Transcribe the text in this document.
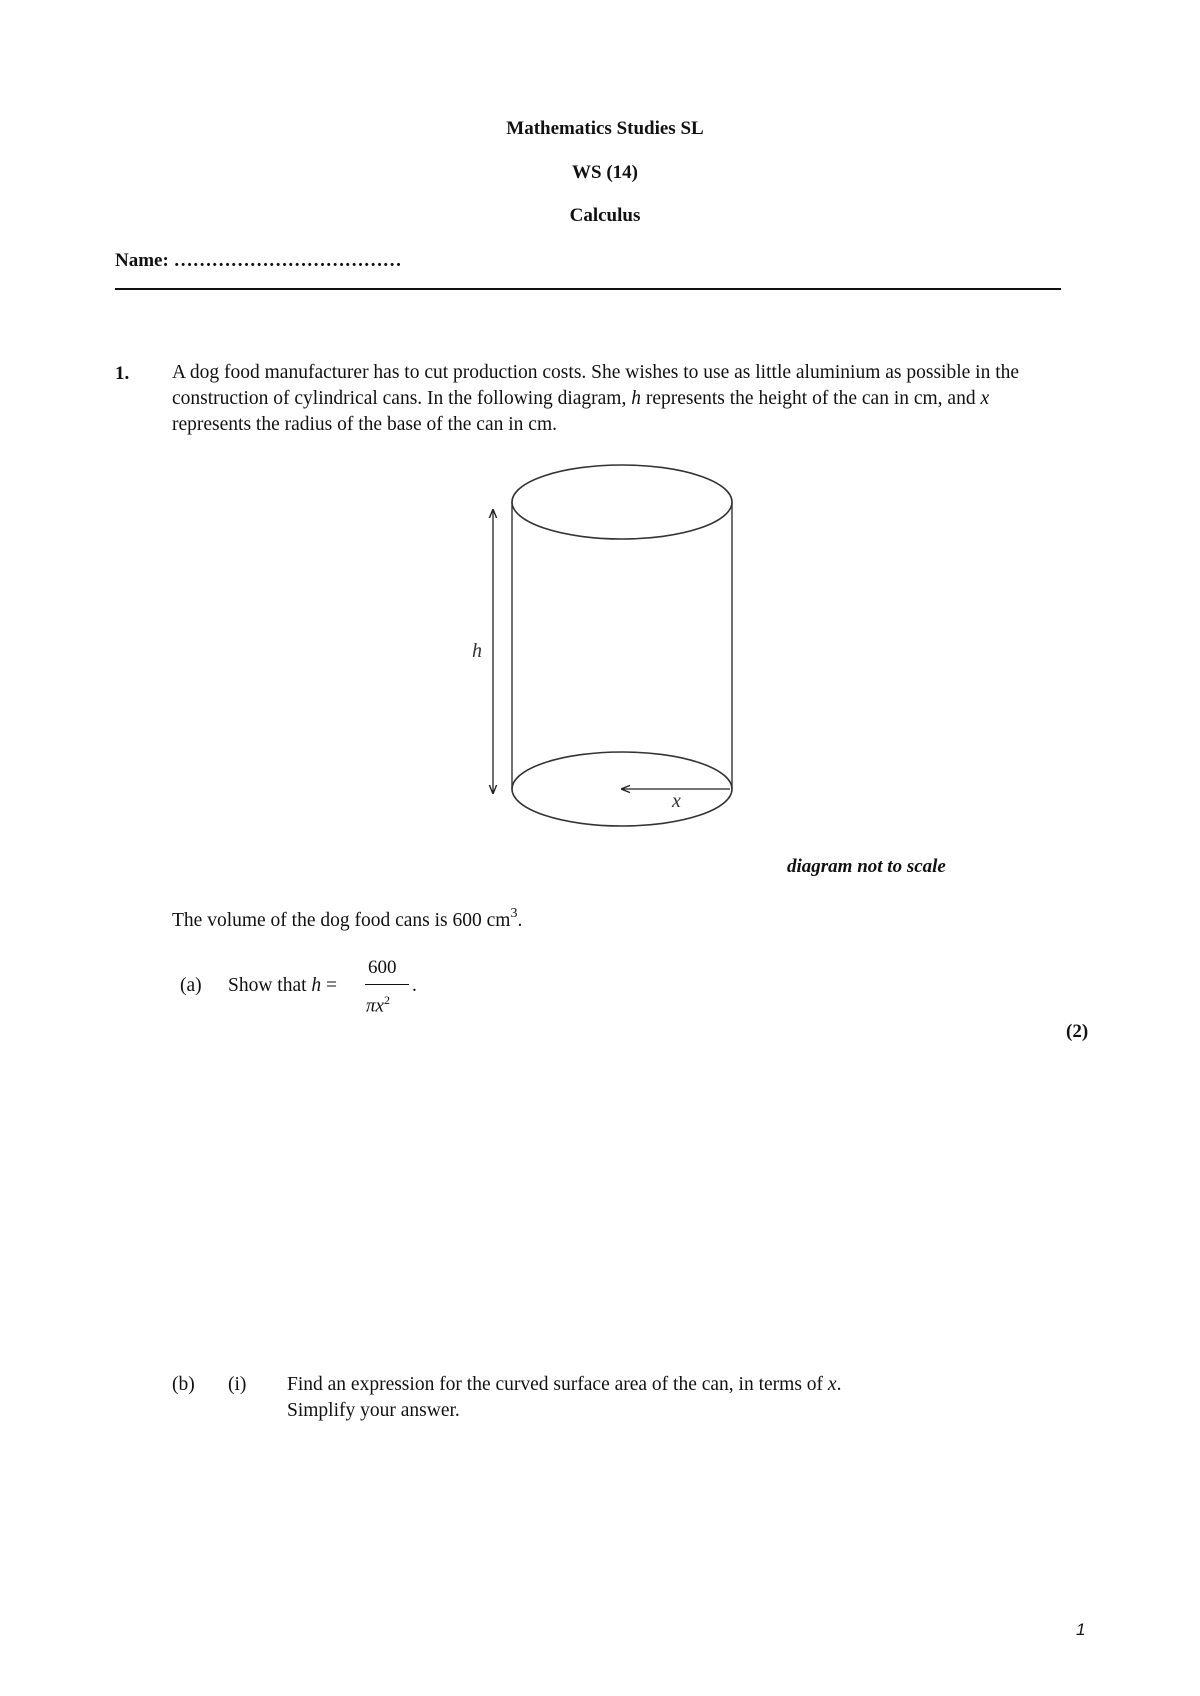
Mathematics Studies SL
WS (14)
Calculus
Name: ………………………………
1. A dog food manufacturer has to cut production costs. She wishes to use as little aluminium as possible in the construction of cylindrical cans. In the following diagram, h represents the height of the can in cm, and x represents the radius of the base of the can in cm.
h
x
diagram not to scale
The volume of the dog food cans is 600 $cm^3$.
(a) Show that h =
600
$\pi x^2$
.
(2)
(b) (i) Find an expression for the curved surface area of the can, in terms of x.
Simplify your answer.
1
